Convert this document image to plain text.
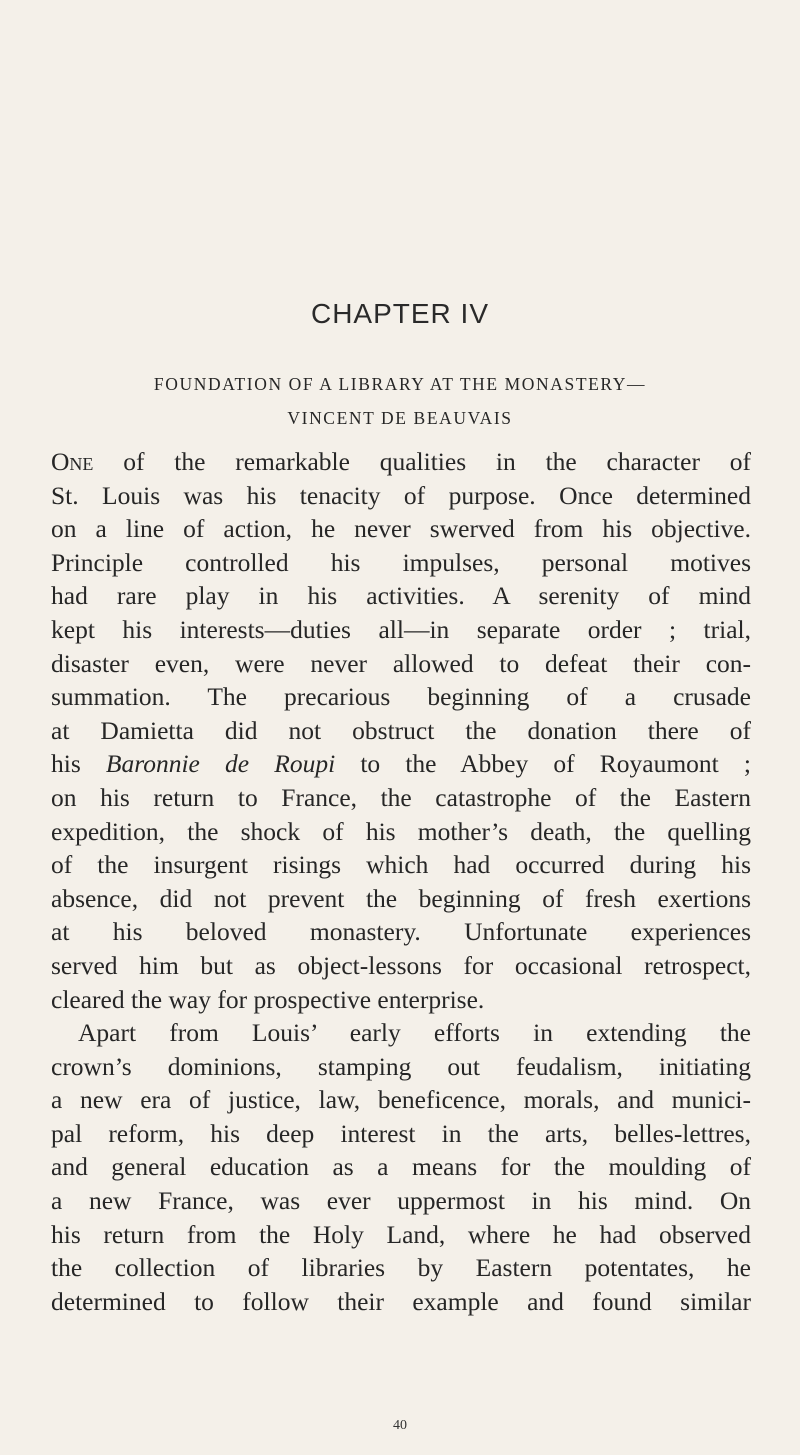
CHAPTER IV

FOUNDATION OF A LIBRARY AT THE MONASTERY—

VINCENT DE BEAUVAIS

One of the remarkable qualities in the character of
St. Louis was his tenacity of purpose. Once determined
on a line of action, he never swerved from his objective.
Principle controlled his impulses, personal motives
had rare play in his activities. A serenity of mind
kept his interests—duties all—in separate order ; trial,
disaster even, were never allowed to defeat their con-
summation. The precarious beginning of a crusade
at Damietta did not obstruct the donation there of
his Baronnie de Roupi to the Abbey of Royaumont ;
on his return to France, the catastrophe of the Eastern
expedition, the shock of his mother’s death, the quelling
of the insurgent risings which had occurred during his
absence, did not prevent the beginning of fresh exertions
at his beloved monastery. Unfortunate experiences
served him but as object-lessons for occasional retrospect,
cleared the way for prospective enterprise.
Apart from Louis’ early efforts in extending the
crown’s dominions, stamping out feudalism, initiating
a new era of justice, law, beneficence, morals, and munici-
pal reform, his deep interest in the arts, belles-lettres,
and general education as a means for the moulding of
a new France, was ever uppermost in his mind. On
his return from the Holy Land, where he had observed
the collection of libraries by Eastern potentates, he
determined to follow their example and found similar
40
